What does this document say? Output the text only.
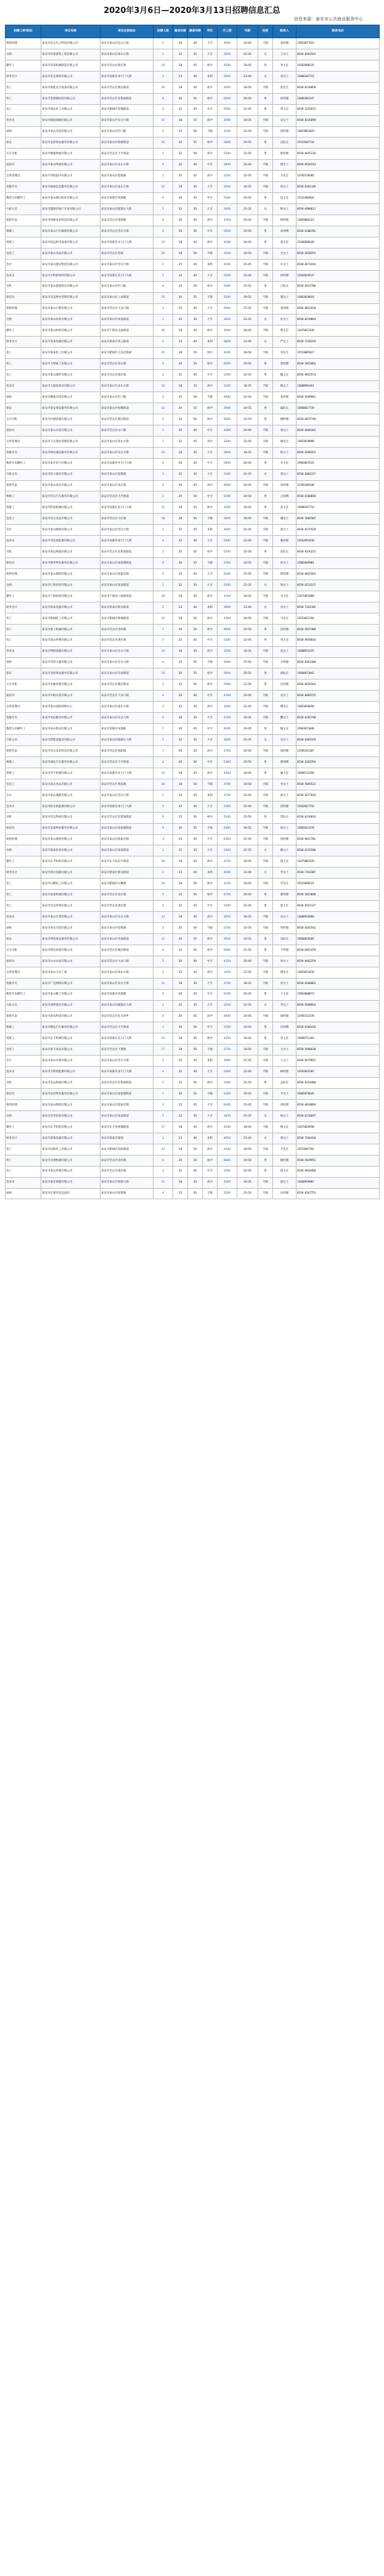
2020年3月6日—2020年3月13日招聘信息汇总
信息来源：泰安市公共就业服务中心
招聘工种/职位	单位名称	单位注册地址	招聘人数	最低年龄	最高年龄	学历	月工资	年龄	性别	联系人	联系电话
销售经理	泰安市东岳电子科技有限公司	泰安市泰山区东岳大街	5	20	40	大专	4000	20-40	不限	张经理	13953877652
出纳	泰安市恒泰建筑工程有限公司	泰安市泰山区泰山大街	1	22	35	大专	3000	22-35	女	王女士	0538-8261543
操作工	泰安市华泰机械制造有限公司	泰安市岱岳区满庄镇	10	18	45	初中	4500	18-45	男	李主任	13562890124
财务会计	泰安市宏达商贸有限公司	泰安市高新区南天门大街	2	23	40	本科	3500	23-40	女	刘女士	15006387723
普工	泰安市鲁能电力设备有限公司	泰安市岱岳区粥店街道	20	18	50	初中	4000	18-50	不限	赵先生	0538-6218856
焊工	泰安市金鼎钢结构有限公司	泰安市岱岳区北集坡街道	8	20	50	初中	6000	20-50	男	孙经理	13605381247
电工	泰安市瑞达化工有限公司	泰安市肥城市老城街道	3	22	45	中专	5000	22-45	男	周主任	0538-3315672
营业员	泰安市银座商城有限公司	泰安市泰山区东岳大街	15	18	35	高中	3000	18-35	不限	吴女士	0538-8226698
厨师	泰安市泰山宾馆有限公司	泰安市泰山区红门路	4	25	50	不限	4500	25-50	不限	郑经理	13853861029
保安	泰安市安盾保安服务有限公司	泰安市泰山区财源街道	10	20	55	初中	2800	20-55	男	冯队长	15552687734
叉车司机	泰安市顺通物流有限公司	泰安市岱岳区天平街道	5	22	50	初中	5500	22-50	男	陈经理	0538-6655218
质检员	泰安市泰山啤酒有限公司	泰安市泰山区灵山大街	6	20	40	中专	3800	20-40	不限	褚女士	0538-8520743
仓库管理员	泰安市华联超市有限公司	泰安市泰山区迎胜路	2	22	45	高中	3200	22-45	不限	卫先生	13792170385
客服专员	泰安市联通信息服务有限公司	泰安市泰山区泰山大街	12	18	35	大专	3500	18-35	不限	蒋女士	0538-6281149
数控车床操作工	泰安市泰山锻压机床有限公司	泰安市高新区凤凰路	6	20	45	中专	5500	20-45	男	沈主任	15315484926
行政文员	泰安市鑫源房地产开发有限公司	泰安市泰山区擂鼓石大街	1	22	35	大专	3000	22-35	女	韩女士	0538-8306611
销售代表	泰安市绿源农业科技有限公司	泰安市岱岳区道朗镇	8	20	45	高中	4500	20-45	不限	杨经理	13954865523
维修工	泰安市泰山汽车修理有限公司	泰安市岱岳区岱宗大街	4	20	50	中专	5000	20-50	男	朱师傅	0538-6106782
装配工	泰安市恒远机电设备有限公司	泰安市高新区中天门大街	15	18	45	初中	4200	18-45	男	秦主任	15166898420
包装工	泰安市泰山食品有限公司	泰安市岱岳区范镇	20	18	50	不限	3500	18-50	不限	尤女士	0538-5630291
会计	泰安市泰山建设集团有限公司	泰安市泰山区岱宗大街	2	25	45	本科	4500	25-45	不限	许女士	0538-8273416
技术员	泰安市中科新材料有限公司	泰安市高新区北天门大街	5	22	40	大专	5000	22-40	不限	何经理	13562819537
司机	泰安市泰山旅游客运有限公司	泰安市泰山区红门路	6	25	50	初中	5000	25-50	男	吕队长	0538-8332706
保洁员	泰安市洁美物业管理有限公司	泰安市泰山区上高街道	10	30	55	不限	2200	30-55	不限	施女士	15063818824
销售经理	泰安市泰山石膏有限公司	泰安市岱岳区大汶口镇	3	25	45	大专	6000	25-45	不限	张经理	0538-8811620
出纳	泰安市泰山医药有限公司	泰安市泰山区泰前街道	1	22	35	大专	3200	22-35	女	孔女士	0538-6219044
操作工	泰安市泰山纺织有限公司	泰安市宁阳县文庙街道	30	18	45	初中	4000	18-45	不限	曹主任	13475817436
财务会计	泰安市金泰电器有限公司	泰安市新泰市青云街道	2	23	40	本科	3800	23-40	女	严女士	0538-7256319
普工	泰安市鲁泰化工有限公司	泰安市肥城市王瓜店街道	25	18	50	初中	4200	18-50	不限	华先生	15553885027
焊工	泰安市力博重工有限公司	泰安市岱岳区良庄镇	6	20	50	初中	6500	20-50	男	金经理	0538-5821063
电工	泰安市泰山玻纤有限公司	泰安市岱岳区满庄镇	4	22	45	中专	5200	22-45	男	魏主任	0538-8925574
营业员	泰安市大润发商业有限公司	泰安市泰山区灵山大街	12	18	35	高中	3100	18-35	不限	陶女士	13608982461
厨师	泰安市御座宾馆有限公司	泰安市泰山区红门路	3	25	50	不限	4800	25-50	不限	姜经理	0538-8269981
保安	泰安市泰安保安服务有限公司	泰安市泰山区财源街道	12	20	55	初中	2900	20-55	男	戚队长	15866027719
叉车司机	泰安市中通快递有限公司	泰安市岱岳区粥店街道	4	22	50	初中	5800	22-50	男	谢经理	0538-6657740
质检员	泰安市泰山水泥有限公司	泰安市岱岳区山口镇	5	20	40	中专	4000	20-40	不限	邹女士	0538-8466102
仓库管理员	泰安市万达商业管理有限公司	泰安市泰山区泰山大街	2	22	45	高中	3300	22-45	不限	喻先生	13853878096
客服专员	泰安市移动通信服务有限公司	泰安市泰山区东岳大街	10	18	35	大专	3600	18-35	不限	柏女士	0538-6289352
数控车床操作工	泰安市泰开电气有限公司	泰安市高新区中天门大街	8	20	45	中专	5800	20-45	男	水主任	15963825531
行政文员	泰安市恒大置业有限公司	泰安市泰山区迎胜路	1	22	35	大专	3100	22-35	女	窦女士	0538-8301227
销售代表	泰安市泰山茶业有限公司	泰安市泰山区省庄镇	6	20	45	高中	4600	20-45	不限	章经理	13705389248
维修工	泰安市岱宗汽车服务有限公司	泰安市岱岳区天平街道	3	20	50	中专	5200	20-50	男	云师傅	0538-6108830
装配工	泰安市科泰机械有限公司	泰安市高新区北天门大街	12	18	45	初中	4300	18-45	男	苏主任	15098787712
包装工	泰安市岱岳食品有限公司	泰安市岱岳区马庄镇	18	18	50	不限	3600	18-50	不限	潘女士	0538-5683307
会计	泰安市泰山路桥有限公司	泰安市泰山区岱宗大街	2	25	45	本科	4600	25-45	不限	葛女士	0538-8275529
技术员	泰安市华信新能源有限公司	泰安市高新区南天门大街	4	22	40	大专	5200	22-40	不限	奚经理	13562854410
司机	泰安市泰运物流有限公司	泰安市岱岳区北集坡街道	5	25	50	初中	5200	25-50	男	范队长	0538-8336215
保洁员	泰安市锦华物业服务有限公司	泰安市泰山区徐家楼街道	8	30	55	不限	2300	30-55	不限	彭女士	15065849901
销售经理	泰安市泰山钢铁有限公司	泰安市泰山区邱家店镇	4	25	45	大专	6200	25-45	不限	郎经理	0538-8815563
出纳	泰安市仁和医药有限公司	泰安市泰山区泰前街道	1	22	35	大专	3300	22-35	女	鲁女士	0538-6213372
操作工	泰安市宁阳纺织有限公司	泰安市宁阳县八仙桥街道	28	18	45	初中	4100	18-45	不限	韦主任	13475852098
财务会计	泰安市新泰电器有限公司	泰安市新泰市新汶街道	2	23	40	本科	3900	23-40	女	昌女士	0538-7261185
普工	泰安市肥城化工有限公司	泰安市肥城市新城街道	22	18	50	初中	4300	18-50	不限	马先生	15553812764
焊工	泰安市重工机械有限公司	泰安市岱岳区房村镇	7	20	50	初中	6600	20-50	男	苗经理	0538-5827409
电工	泰安市泰山纤维有限公司	泰安市岱岳区满庄镇	3	22	45	中专	5300	22-45	男	凤主任	0538-8928816
营业员	泰安市利群商厦有限公司	泰安市泰山区东岳大街	14	18	35	高中	3200	18-35	不限	花女士	13608974325
厨师	泰安市华侨大厦有限公司	泰安市泰山区东岳大街	4	25	50	不限	5000	25-50	不限	方经理	0538-8263308
保安	泰安市金盾保安服务有限公司	泰安市泰山区岱庙街道	10	20	55	初中	3000	20-55	男	俞队长	15866071842
叉车司机	泰安市申通快递有限公司	泰安市岱岳区粥店街道	3	22	50	初中	5900	22-50	男	任经理	0538-6659163
质检员	泰安市中联水泥有限公司	泰安市岱岳区大汶口镇	4	20	40	中专	4100	20-40	不限	袁女士	0538-8469725
仓库管理员	泰安市泰山国际购物中心	泰安市泰山区泰山大街	3	22	45	高中	3400	22-45	不限	柳先生	13853836658
客服专员	泰安市电信服务有限公司	泰安市泰山区东岳大街	9	18	35	大专	3700	18-35	不限	酆女士	0538-6282740
数控车床操作工	泰安市泰山机床有限公司	泰安市高新区凤凰路	7	20	45	中专	6000	20-45	男	鲍主任	15963871046
行政文员	泰安市碧桂园置业有限公司	泰安市泰山区擂鼓石大街	1	22	35	大专	3200	22-35	女	史女士	0538-8307419
销售代表	泰安市岱岳农业科技有限公司	泰安市岱岳区祝阳镇	7	20	45	高中	4700	20-45	不限	唐经理	13705341187
维修工	泰安市通达汽车服务有限公司	泰安市岱岳区天平街道	4	20	50	中专	5300	20-50	男	费师傅	0538-6102294
装配工	泰安市华丰机械有限公司	泰安市高新区北天门大街	14	18	45	初中	4400	18-45	男	廉主任	15098722356
包装工	泰安市泰岳食品有限公司	泰安市岱岳区黄前镇	16	18	50	不限	3700	18-50	不限	岑女士	0538-5685521
会计	泰安市泰山城建有限公司	泰安市泰山区岱宗大街	1	25	45	本科	4700	25-45	不限	薛女士	0538-8277634
技术员	泰安市阳光新能源有限公司	泰安市高新区南天门大街	5	22	40	大专	5300	22-40	不限	雷经理	13562827743
司机	泰安市佳运物流有限公司	泰安市岱岳区北集坡街道	6	25	50	初中	5300	25-50	男	贺队长	0538-8339016
保洁员	泰安市美家物业服务有限公司	泰安市泰山区徐家楼街道	9	30	55	不限	2400	30-55	不限	倪女士	15065813378
销售经理	泰安市泰山建材有限公司	泰安市泰山区邱家店镇	3	25	45	大专	6300	25-45	不限	汤经理	0538-8817782
出纳	泰安市康泰医药有限公司	泰安市泰山区泰前街道	1	22	35	大专	3400	22-35	女	滕女士	0538-6215586
操作工	泰安市东平纺织有限公司	泰安市东平县东平街道	26	18	45	初中	4150	18-45	不限	殷主任	13475803319
财务会计	泰安市新汶电器有限公司	泰安市新泰市新汶街道	2	23	40	本科	4000	23-40	女	罗女士	0538-7263307
普工	泰安市石横化工有限公司	泰安市肥城市石横镇	24	18	50	初中	4350	18-50	不限	毕先生	15553869521
焊工	泰安市泰重机械有限公司	泰安市岱岳区良庄镇	5	20	50	初中	6700	20-50	男	郝经理	0538-5823840
电工	泰安市岱岳纤维有限公司	泰安市岱岳区满庄镇	4	22	45	中专	5400	22-45	男	邬主任	0538-8921137
营业员	泰安市泰山百货有限公司	泰安市泰山区东岳大街	13	18	35	高中	3250	18-35	不限	安女士	13608916684
厨师	泰安市泰安宾馆有限公司	泰安市泰山区迎胜路	3	25	50	不限	5100	25-50	不限	常经理	0538-8265542
保安	泰安市神盾保安服务有限公司	泰安市泰山区岱庙街道	11	20	55	初中	3050	20-55	男	乐队长	15866039205
叉车司机	泰安市韵达快递有限公司	泰安市岱岳区粥店街道	4	22	50	初中	6000	22-50	男	于经理	0538-6652478
质检员	泰安市山水水泥有限公司	泰安市岱岳区大汶口镇	5	20	40	中专	4150	20-40	不限	时女士	0538-8462259
仓库管理员	泰安市泰山万达广场	泰安市泰山区泰山大街	2	22	45	高中	3450	22-45	不限	傅先生	13853874419
客服专员	泰安市广电网络有限公司	泰安市泰山区东岳大街	11	18	35	大专	3750	18-35	不限	皮女士	0538-6286061
数控车床操作工	泰安市泰山精工有限公司	泰安市高新区凤凰路	6	20	45	中专	6100	20-45	男	卞主任	15963808873
行政文员	泰安市保利置业有限公司	泰安市泰山区擂鼓石大街	1	22	35	大专	3250	22-35	女	齐女士	0538-8309924
销售代表	泰安市泰农科技有限公司	泰安市岱岳区化马湾乡	6	20	45	高中	4800	20-45	不限	康经理	13705312270
维修工	泰安市顺达汽车服务有限公司	泰安市岱岳区天平街道	3	20	50	中专	5400	20-50	男	伍师傅	0538-6104416
装配工	泰安市宏丰机械有限公司	泰安市高新区北天门大街	13	18	45	初中	4450	18-45	男	余主任	15098751283
包装工	泰安市泰丰食品有限公司	泰安市岱岳区下港镇	17	18	50	不限	3750	18-50	不限	元女士	0538-5686638
会计	泰安市泰山市政有限公司	泰安市泰山区岱宗大街	2	25	45	本科	4800	25-45	不限	卜女士	0538-8279915
技术员	泰安市光明新能源有限公司	泰安市高新区南天门大街	4	22	40	大专	5400	22-40	不限	顾经理	13562832207
司机	泰安市安运物流有限公司	泰安市岱岳区北集坡街道	5	25	50	初中	5400	25-50	男	孟队长	0538-8334480
保洁员	泰安市安居物业服务有限公司	泰安市泰山区徐家楼街道	7	30	55	不限	2450	30-55	不限	平女士	15065876645
销售经理	泰安市泰山陶瓷有限公司	泰安市泰山区邱家店镇	4	25	45	大专	6400	25-45	不限	黄经理	0538-8818894
出纳	泰安市济世医药有限公司	泰安市泰山区泰前街道	1	22	35	大专	3450	22-35	女	和女士	0538-6216697
操作工	泰安市东平织造有限公司	泰安市东平县州城街道	27	18	45	初中	4200	18-45	不限	穆主任	13475829930
财务会计	泰安市翟镇电器有限公司	泰安市新泰市翟镇	2	23	40	本科	4050	23-40	女	萧女士	0538-7264418
普工	泰安市仪阳化工有限公司	泰安市肥城市仪阳街道	23	18	50	初中	4400	18-50	不限	尹先生	15553847762
焊工	泰安市岱重机械有限公司	泰安市岱岳区房村镇	6	20	50	初中	6800	20-50	男	姚经理	0538-5829951
电工	泰安市泰岳纤维有限公司	泰安市岱岳区满庄镇	3	22	45	中专	5500	22-45	男	邵主任	0538-8924468
营业员	泰安市泰安商厦有限公司	泰安市泰山区财源大街	12	18	35	高中	3300	18-35	不限	湛女士	13608939907
厨师	泰安市东尊华美达酒店	泰安市泰山区迎胜路	4	25	50	不限	5200	25-50	不限	汪经理	0538-8267753
